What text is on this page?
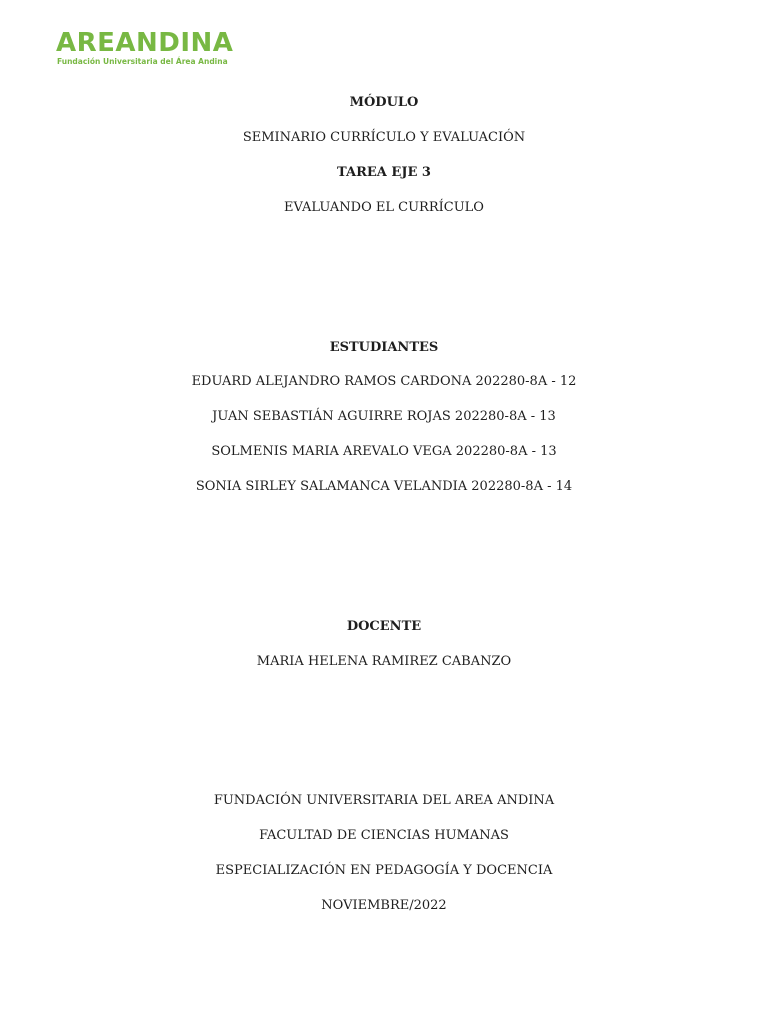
AREANDINA
Fundación Universitaria del Área Andina
MÓDULO
SEMINARIO CURRÍCULO Y EVALUACIÓN
TAREA EJE 3
EVALUANDO EL CURRÍCULO
ESTUDIANTES
EDUARD ALEJANDRO RAMOS CARDONA 202280-8A - 12
JUAN SEBASTIÁN AGUIRRE ROJAS 202280-8A - 13
SOLMENIS MARIA AREVALO VEGA 202280-8A - 13
SONIA SIRLEY SALAMANCA VELANDIA 202280-8A - 14
DOCENTE
MARIA HELENA RAMIREZ CABANZO
FUNDACIÓN UNIVERSITARIA DEL AREA ANDINA
FACULTAD DE CIENCIAS HUMANAS
ESPECIALIZACIÓN EN PEDAGOGÍA Y DOCENCIA
NOVIEMBRE/2022
